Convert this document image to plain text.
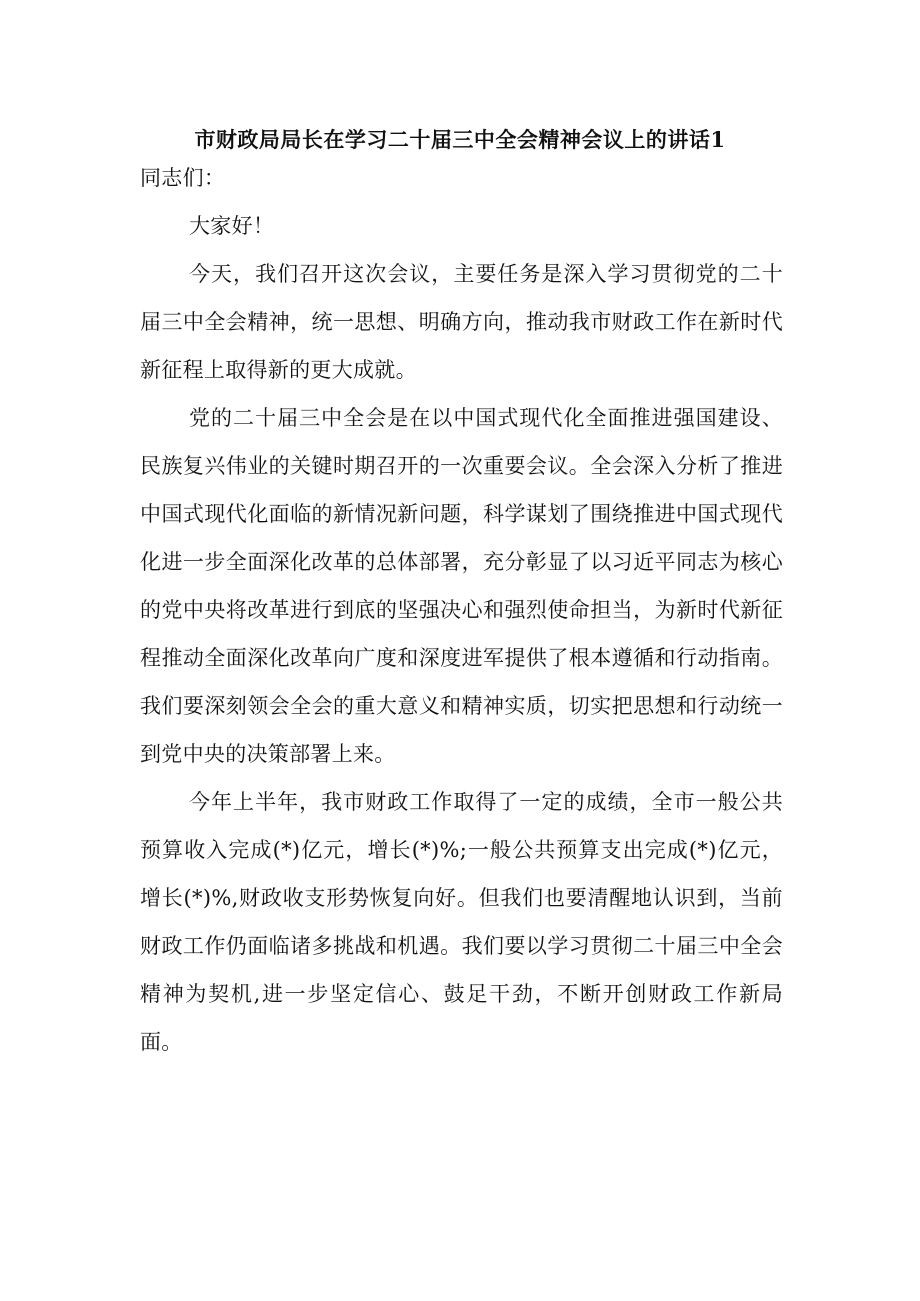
市财政局局长在学习二十届三中全会精神会议上的讲话1

同志们：

大家好！

今天，我们召开这次会议，主要任务是深入学习贯彻党的二十届三中全会精神，统一思想、明确方向，推动我市财政工作在新时代新征程上取得新的更大成就。

党的二十届三中全会是在以中国式现代化全面推进强国建设、民族复兴伟业的关键时期召开的一次重要会议。全会深入分析了推进中国式现代化面临的新情况新问题，科学谋划了围绕推进中国式现代化进一步全面深化改革的总体部署，充分彰显了以习近平同志为核心的党中央将改革进行到底的坚强决心和强烈使命担当，为新时代新征程推动全面深化改革向广度和深度进军提供了根本遵循和行动指南。我们要深刻领会全会的重大意义和精神实质，切实把思想和行动统一到党中央的决策部署上来。

今年上半年，我市财政工作取得了一定的成绩，全市一般公共预算收入完成(*)亿元，增长(*)%;一般公共预算支出完成(*)亿元，增长(*)%,财政收支形势恢复向好。但我们也要清醒地认识到，当前财政工作仍面临诸多挑战和机遇。我们要以学习贯彻二十届三中全会精神为契机,进一步坚定信心、鼓足干劲，不断开创财政工作新局面。
